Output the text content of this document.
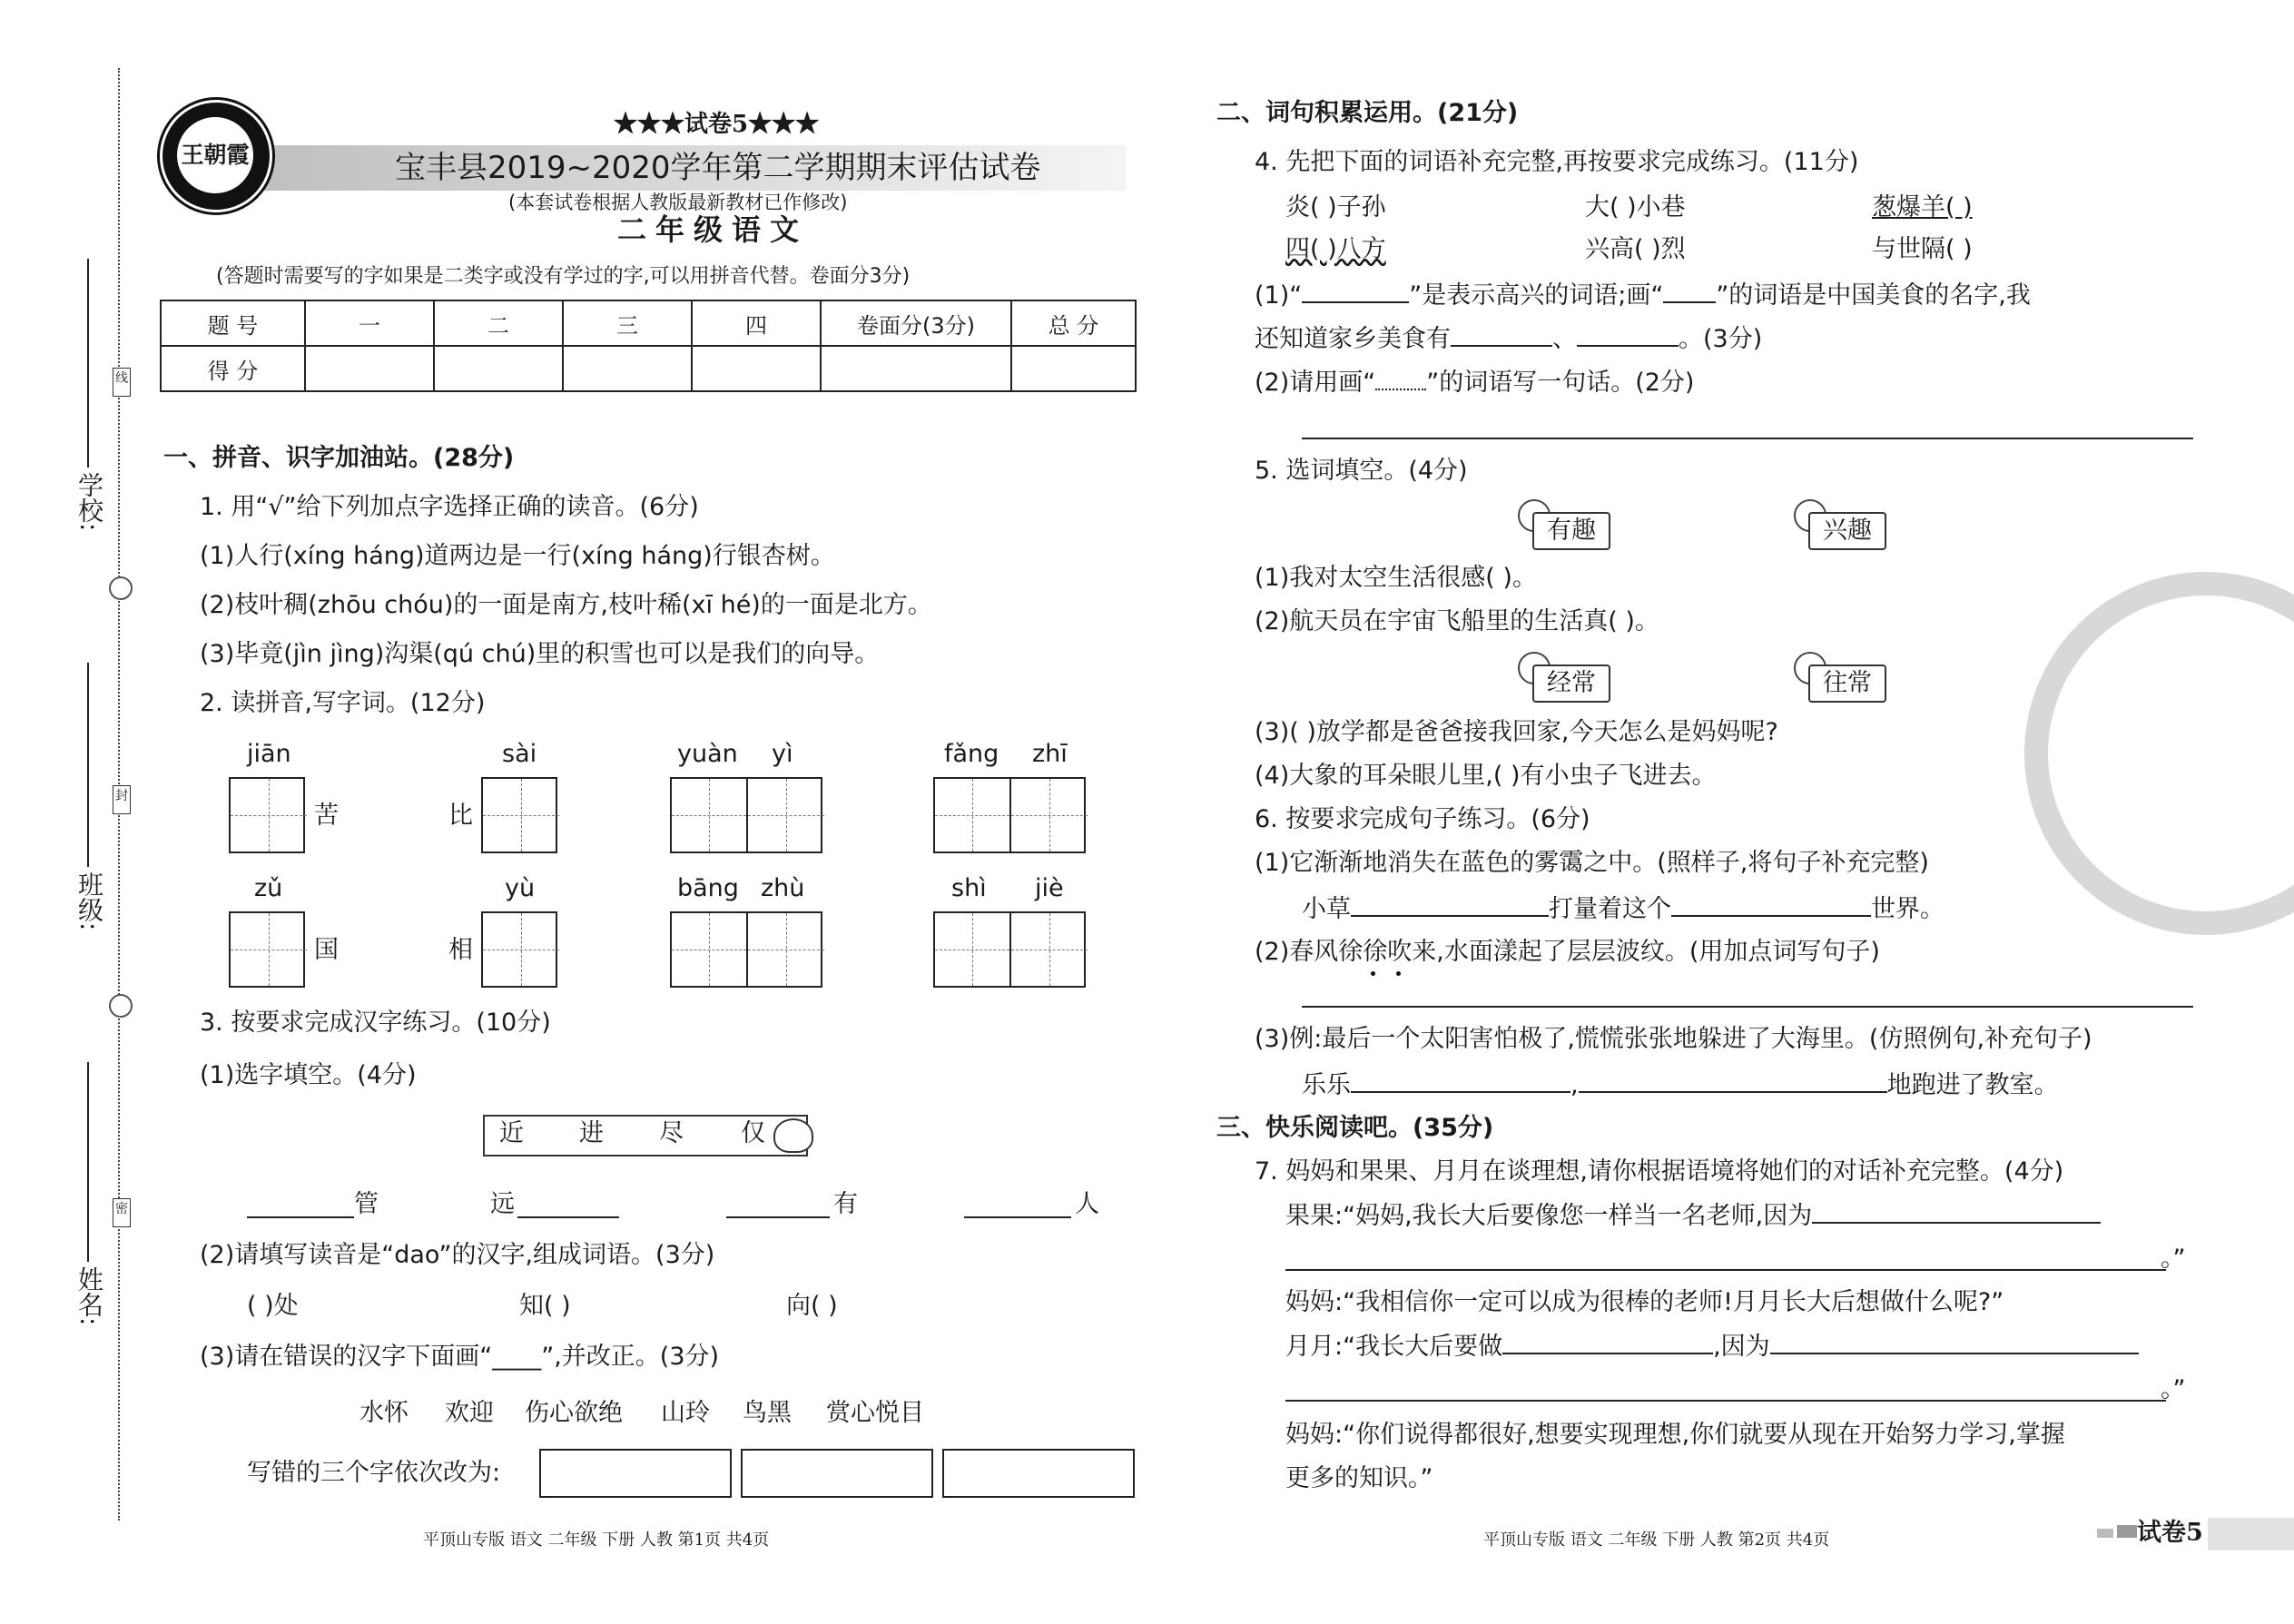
学校:
班级:
姓名:
线
封
密
王朝霞
★★★试卷5★★★
宝丰县2019~2020学年第二学期期末评估试卷
(本套试卷根据人教版最新教材已作修改)
二年级语文
(答题时需要写的字如果是二类字或没有学过的字,可以用拼音代替。卷面分3分)
题 号	一	二	三	四	卷面分(3分)	总 分
得 分						
一、拼音、识字加油站。(28分)
1. 用“√”给下列加点字选择正确的读音。(6分)
(1)人行(xíng háng)道两边是一行(xíng háng)行银杏树。
(2)枝叶稠(zhōu chóu)的一面是南方,枝叶稀(xī hé)的一面是北方。
(3)毕竟(jìn jìng)沟渠(qú chú)里的积雪也可以是我们的向导。
2. 读拼音,写字词。(12分)
jiān	sài	yuàn yì	fǎng zhī
苦	比
zǔ	yù	bāng zhù	shì jiè
国	相
3. 按要求完成汉字练习。(10分)
(1)选字填空。(4分)
近 进 尽 仅
管	远	有	人
(2)请填写读音是“dao”的汉字,组成词语。(3分)
( )处	知( )	向( )
(3)请在错误的汉字下面画“____”,并改正。(3分)
水怀 欢迎 伤心欲绝 山玲 鸟黑 赏心悦目
写错的三个字依次改为:
平顶山专版 语文 二年级 下册 人教 第1页 共4页
二、词句积累运用。(21分)
4. 先把下面的词语补充完整,再按要求完成练习。(11分)
炎( )子孙	大( )小巷	葱爆羊( )
四( )八方	兴高( )烈	与世隔( )
(1)“	”是表示高兴的词语;画“ ”的词语是中国美食的名字,我
还知道家乡美食有	、	。(3分)
(2)请用画“ ”的词语写一句话。(2分)
5. 选词填空。(4分)
有趣	兴趣
(1)我对太空生活很感( )。
(2)航天员在宇宙飞船里的生活真( )。
经常	往常
(3)( )放学都是爸爸接我回家,今天怎么是妈妈呢?
(4)大象的耳朵眼儿里,( )有小虫子飞进去。
6. 按要求完成句子练习。(6分)
(1)它渐渐地消失在蓝色的雾霭之中。(照样子,将句子补充完整)
小草	打量着这个	世界。
(2)春风徐徐吹来,水面漾起了层层波纹。(用加点词写句子)
(3)例:最后一个太阳害怕极了,慌慌张张地躲进了大海里。(仿照例句,补充句子)
乐乐	,	地跑进了教室。
三、快乐阅读吧。(35分)
7. 妈妈和果果、月月在谈理想,请你根据语境将她们的对话补充完整。(4分)
果果:“妈妈,我长大后要像您一样当一名老师,因为
。”
妈妈:“我相信你一定可以成为很棒的老师!月月长大后想做什么呢?”
月月:“我长大后要做	,因为
。”
妈妈:“你们说得都很好,想要实现理想,你们就要从现在开始努力学习,掌握
更多的知识。”
平顶山专版 语文 二年级 下册 人教 第2页 共4页	试卷5
